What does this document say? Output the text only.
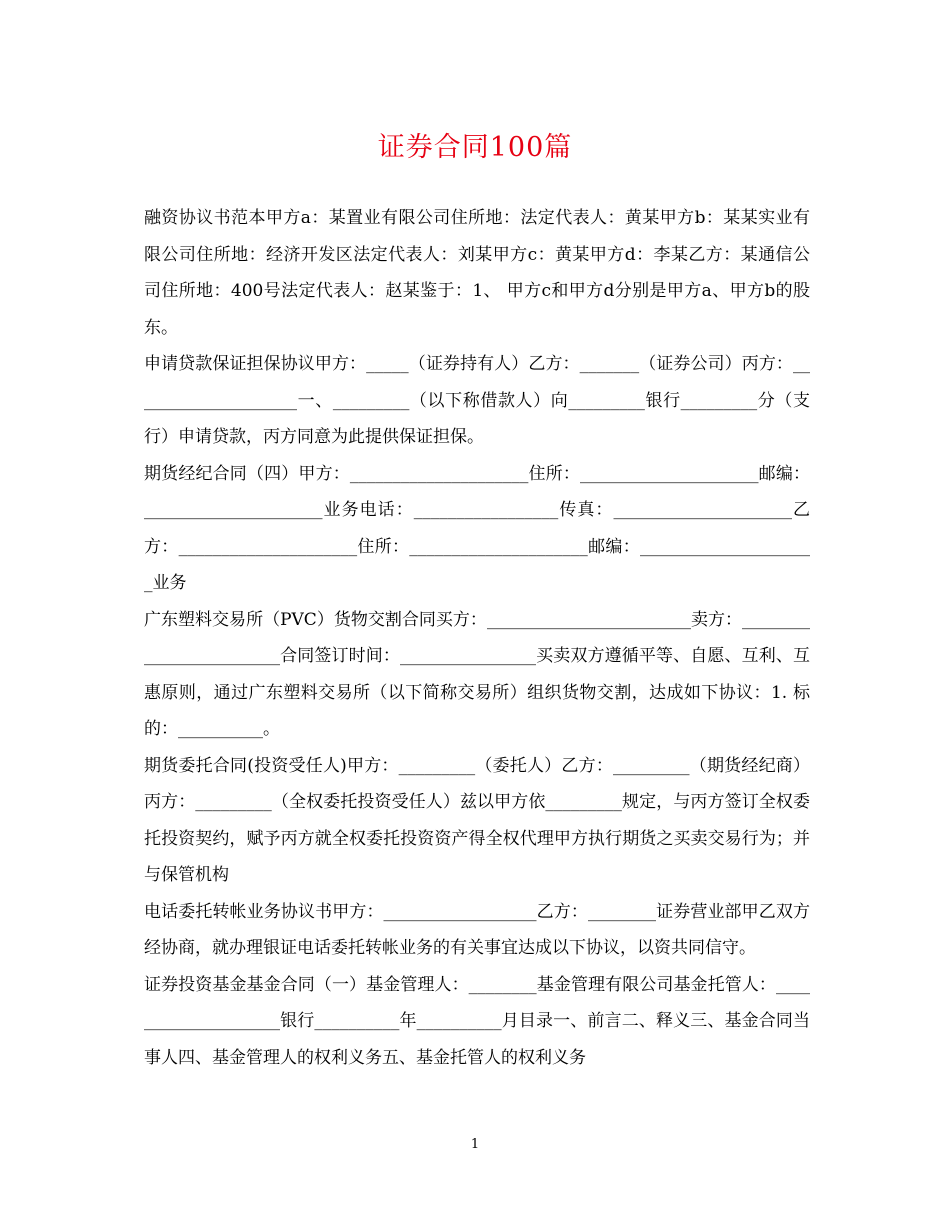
证券合同100篇

融资协议书范本甲方a：某置业有限公司住所地：法定代表人：黄某甲方b：某某实业有限公司住所地：经济开发区法定代表人：刘某甲方c：黄某甲方d：李某乙方：某通信公司住所地：400号法定代表人：赵某鉴于：1、 甲方c和甲方d分别是甲方a、甲方b的股东。

申请贷款保证担保协议甲方：_____（证券持有人）乙方：_______（证券公司）丙方：____________________一、_________（以下称借款人）向_________银行_________分（支行）申请贷款，丙方同意为此提供保证担保。

期货经纪合同（四）甲方：_____________________住所：_____________________邮编：_____________________业务电话：_________________传真：_____________________乙方：_____________________住所：_____________________邮编：_____________________业务

广东塑料交易所（PVC）货物交割合同买方：________________________卖方：________________________合同签订时间：________________买卖双方遵循平等、自愿、互利、互惠原则，通过广东塑料交易所（以下简称交易所）组织货物交割，达成如下协议：1. 标的：__________。

期货委托合同(投资受任人)甲方：_________（委托人）乙方：_________（期货经纪商）丙方：_________（全权委托投资受任人）兹以甲方依_________规定，与丙方签订全权委托投资契约，赋予丙方就全权委托投资资产得全权代理甲方执行期货之买卖交易行为；并与保管机构

电话委托转帐业务协议书甲方：__________________乙方：________证券营业部甲乙双方经协商，就办理银证电话委托转帐业务的有关事宜达成以下协议，以资共同信守。

证券投资基金基金合同（一）基金管理人：________基金管理有限公司基金托管人：____________________银行__________年__________月目录一、前言二、释义三、基金合同当事人四、基金管理人的权利义务五、基金托管人的权利义务

1
